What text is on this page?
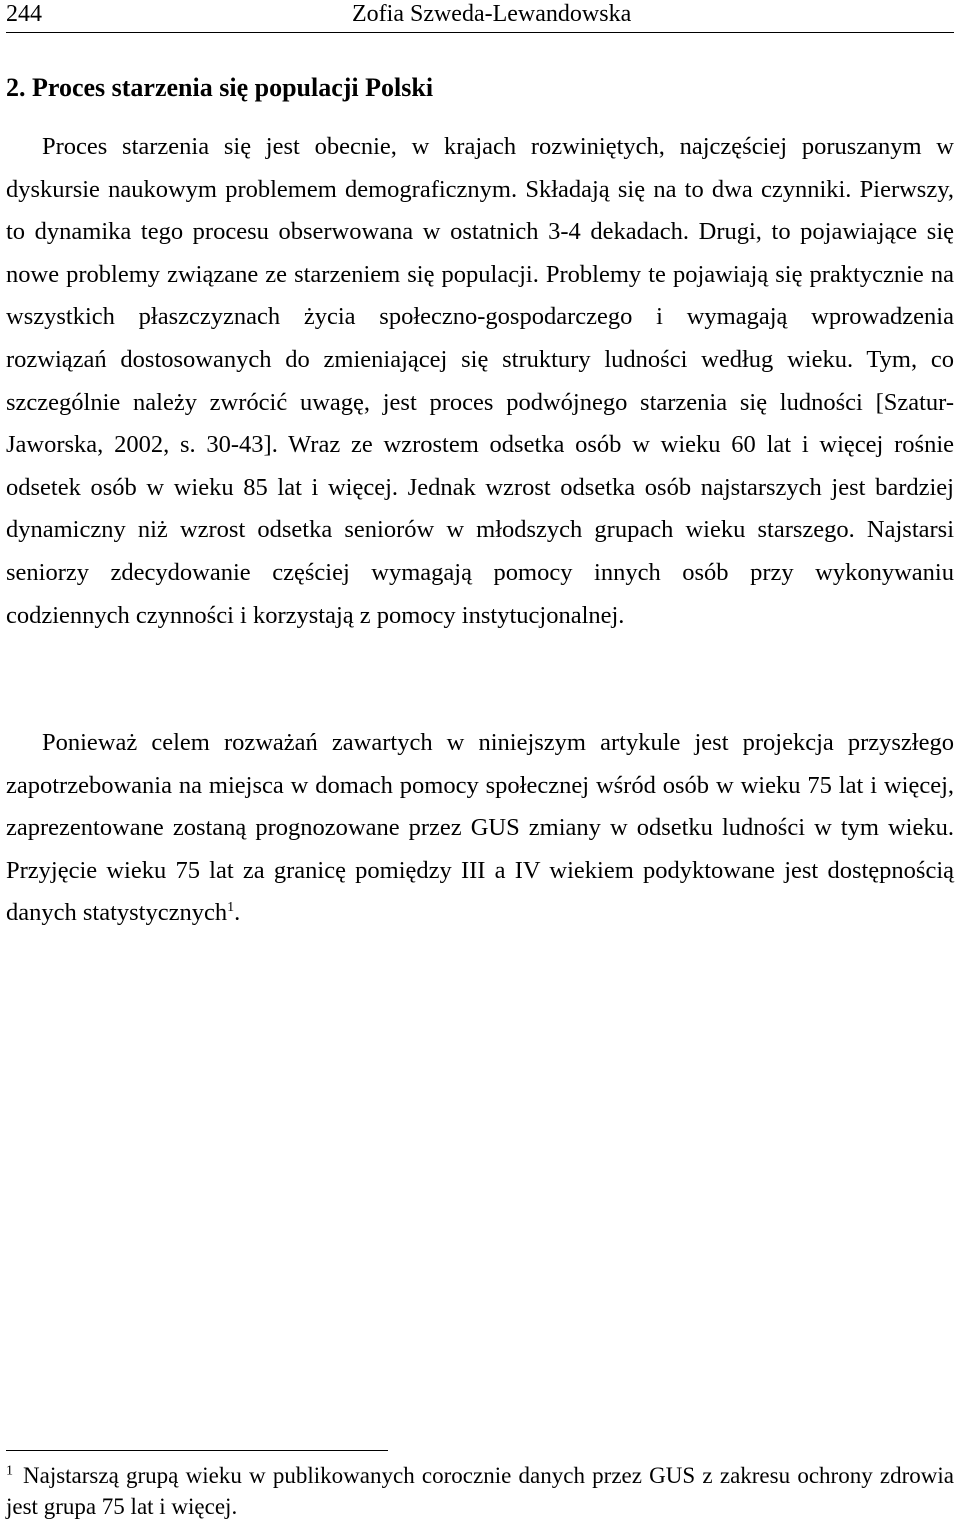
244	Zofia Szweda-Lewandowska
2. Proces starzenia się populacji Polski

Proces starzenia się jest obecnie, w krajach rozwiniętych, najczęściej poruszanym w dyskursie naukowym problemem demograficznym. Składają się na to dwa czynniki. Pierwszy, to dynamika tego procesu obserwowana w ostatnich 3-4 dekadach. Drugi, to pojawiające się nowe problemy związane ze starzeniem się populacji. Problemy te pojawiają się praktycznie na wszystkich płaszczyznach życia społeczno-gospodarczego i wymagają wprowadzenia rozwiązań dostosowanych do zmieniającej się struktury ludności według wieku. Tym, co szczególnie należy zwrócić uwagę, jest proces podwójnego starzenia się ludności [Szatur-Jaworska, 2002, s. 30-43]. Wraz ze wzrostem odsetka osób w wieku 60 lat i więcej rośnie odsetek osób w wieku 85 lat i więcej. Jednak wzrost odsetka osób najstarszych jest bardziej dynamiczny niż wzrost odsetka seniorów w młodszych grupach wieku starszego. Najstarsi seniorzy zdecydowanie częściej wymagają pomocy innych osób przy wykonywaniu codziennych czynności i korzystają z pomocy instytucjonalnej.

Ponieważ celem rozważań zawartych w niniejszym artykule jest projekcja przyszłego zapotrzebowania na miejsca w domach pomocy społecznej wśród osób w wieku 75 lat i więcej, zaprezentowane zostaną prognozowane przez GUS zmiany w odsetku ludności w tym wieku. Przyjęcie wieku 75 lat za granicę pomiędzy III a IV wiekiem podyktowane jest dostępnością danych statystycznych$^1$.

$^1$ Najstarszą grupą wieku w publikowanych corocznie danych przez GUS z zakresu ochrony zdrowia jest grupa 75 lat i więcej.
